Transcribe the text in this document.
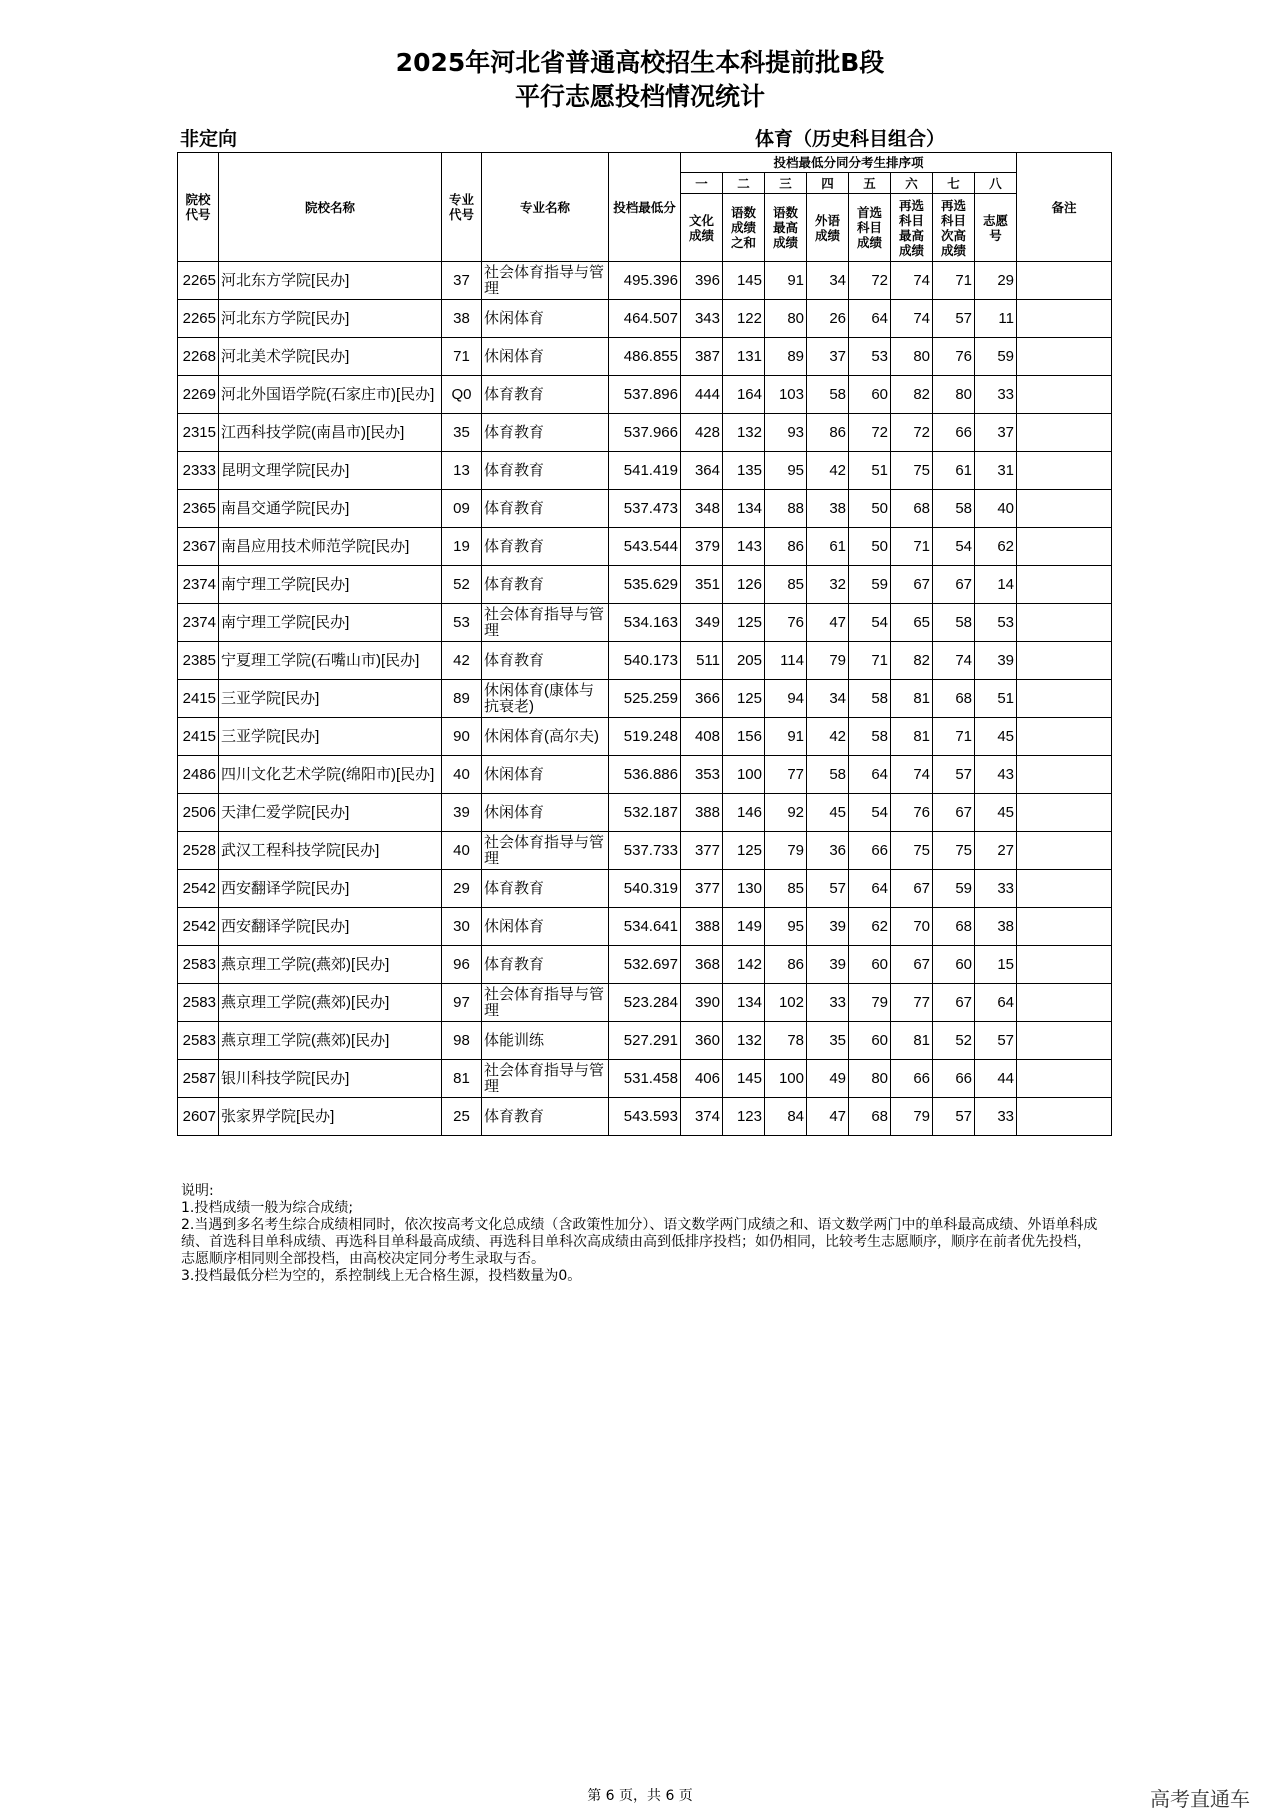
2025年河北省普通高校招生本科提前批B段
平行志愿投档情况统计
非定向	体育（历史科目组合）
院校代号	院校名称	专业代号	专业名称	投档最低分	投档最低分同分考生排序项								备注
					一	二	三	四	五	六	七	八	
					文化成绩	语数成绩之和	语数最高成绩	外语成绩	首选科目成绩	再选科目最高成绩	再选科目次高成绩	志愿号	
2265	河北东方学院[民办]	37	社会体育指导与管理	495.396	396	145	91	34	72	74	71	29	
2265	河北东方学院[民办]	38	休闲体育	464.507	343	122	80	26	64	74	57	11	
2268	河北美术学院[民办]	71	休闲体育	486.855	387	131	89	37	53	80	76	59	
2269	河北外国语学院(石家庄市)[民办]	Q0	体育教育	537.896	444	164	103	58	60	82	80	33	
2315	江西科技学院(南昌市)[民办]	35	体育教育	537.966	428	132	93	86	72	72	66	37	
2333	昆明文理学院[民办]	13	体育教育	541.419	364	135	95	42	51	75	61	31	
2365	南昌交通学院[民办]	09	体育教育	537.473	348	134	88	38	50	68	58	40	
2367	南昌应用技术师范学院[民办]	19	体育教育	543.544	379	143	86	61	50	71	54	62	
2374	南宁理工学院[民办]	52	体育教育	535.629	351	126	85	32	59	67	67	14	
2374	南宁理工学院[民办]	53	社会体育指导与管理	534.163	349	125	76	47	54	65	58	53	
2385	宁夏理工学院(石嘴山市)[民办]	42	体育教育	540.173	511	205	114	79	71	82	74	39	
2415	三亚学院[民办]	89	休闲体育(康体与抗衰老)	525.259	366	125	94	34	58	81	68	51	
2415	三亚学院[民办]	90	休闲体育(高尔夫)	519.248	408	156	91	42	58	81	71	45	
2486	四川文化艺术学院(绵阳市)[民办]	40	休闲体育	536.886	353	100	77	58	64	74	57	43	
2506	天津仁爱学院[民办]	39	休闲体育	532.187	388	146	92	45	54	76	67	45	
2528	武汉工程科技学院[民办]	40	社会体育指导与管理	537.733	377	125	79	36	66	75	75	27	
2542	西安翻译学院[民办]	29	体育教育	540.319	377	130	85	57	64	67	59	33	
2542	西安翻译学院[民办]	30	休闲体育	534.641	388	149	95	39	62	70	68	38	
2583	燕京理工学院(燕郊)[民办]	96	体育教育	532.697	368	142	86	39	60	67	60	15	
2583	燕京理工学院(燕郊)[民办]	97	社会体育指导与管理	523.284	390	134	102	33	79	77	67	64	
2583	燕京理工学院(燕郊)[民办]	98	体能训练	527.291	360	132	78	35	60	81	52	57	
2587	银川科技学院[民办]	81	社会体育指导与管理	531.458	406	145	100	49	80	66	66	44	
2607	张家界学院[民办]	25	体育教育	543.593	374	123	84	47	68	79	57	33	
说明:
1.投档成绩一般为综合成绩;
2.当遇到多名考生综合成绩相同时，依次按高考文化总成绩（含政策性加分）、语文数学两门成绩之和、语文数学两门中的单科最高成绩、外语单科成绩、首选科目单科成绩、再选科目单科最高成绩、再选科目单科次高成绩由高到低排序投档；如仍相同，比较考生志愿顺序，顺序在前者优先投档，志愿顺序相同则全部投档，由高校决定同分考生录取与否。
3.投档最低分栏为空的，系控制线上无合格生源，投档数量为0。
第 6 页，共 6 页	高考直通车
